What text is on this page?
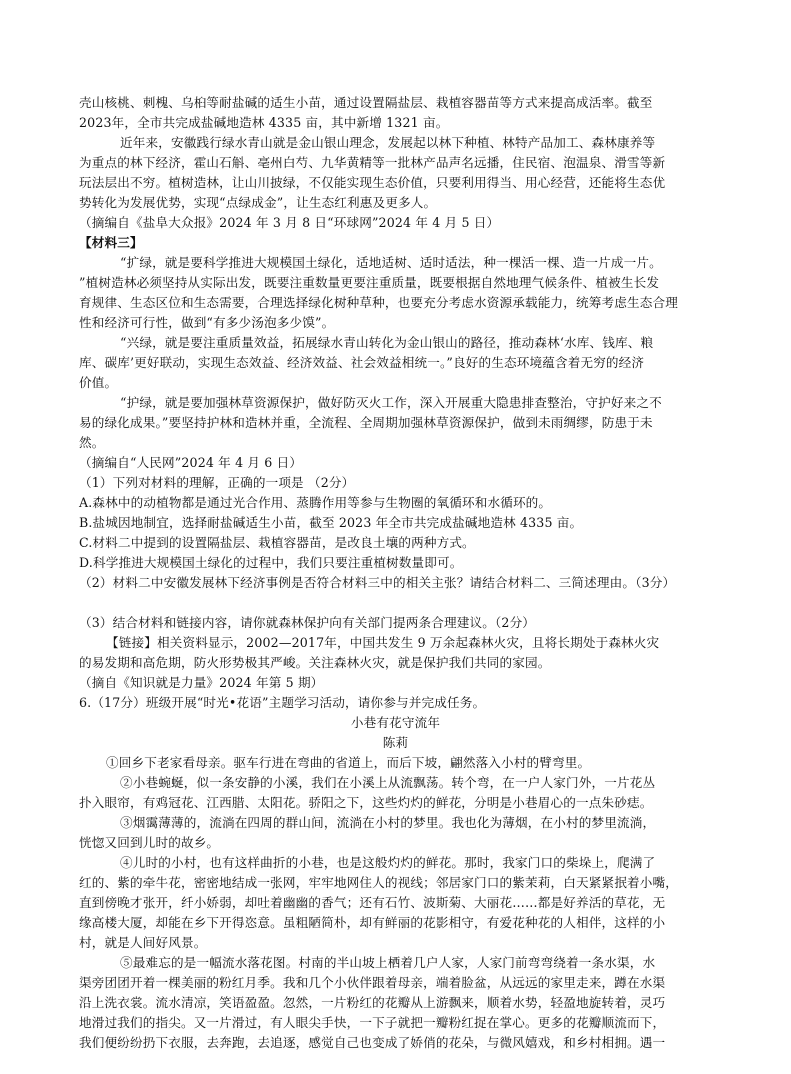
壳山核桃、刺槐、乌桕等耐盐碱的适生小苗，通过设置隔盐层、栽植容器苗等方式来提高成活率。截至
2023年，全市共完成盐碱地造林 4335 亩，其中新增 1321 亩。
近年来，安徽践行绿水青山就是金山银山理念，发展起以林下种植、林特产品加工、森林康养等
为重点的林下经济，霍山石斛、亳州白芍、九华黄精等一批林产品声名远播，住民宿、泡温泉、滑雪等新
玩法层出不穷。植树造林，让山川披绿，不仅能实现生态价值，只要利用得当、用心经营，还能将生态优
势转化为发展优势，实现“点绿成金”，让生态红利惠及更多人。
（摘编自《盐阜大众报》2024 年 3 月 8 日“环球网”2024 年 4 月 5 日）
【材料三】
“扩绿，就是要科学推进大规模国土绿化，适地适树、适时适法，种一棵活一棵、造一片成一片。
”植树造林必须坚持从实际出发，既要注重数量更要注重质量，既要根据自然地理气候条件、植被生长发
育规律、生态区位和生态需要，合理选择绿化树种草种，也要充分考虑水资源承载能力，统筹考虑生态合理
性和经济可行性，做到“有多少汤泡多少馍”。
“兴绿，就是要注重质量效益，拓展绿水青山转化为金山银山的路径，推动森林‘水库、钱库、粮
库、碳库’更好联动，实现生态效益、经济效益、社会效益相统一。”良好的生态环境蕴含着无穷的经济
价值。
“护绿，就是要加强林草资源保护，做好防灭火工作，深入开展重大隐患排查整治，守护好来之不
易的绿化成果。”要坚持护林和造林并重，全流程、全周期加强林草资源保护，做到未雨绸缪，防患于未
然。
（摘编自“人民网”2024 年 4 月 6 日）
（1）下列对材料的理解，正确的一项是 （2分）
A.森林中的动植物都是通过光合作用、蒸腾作用等参与生物圈的氧循环和水循环的。
B.盐城因地制宜，选择耐盐碱适生小苗，截至 2023 年全市共完成盐碱地造林 4335 亩。
C.材料二中提到的设置隔盐层、栽植容器苗，是改良土壤的两种方式。
D.科学推进大规模国土绿化的过程中，我们只要注重植树数量即可。
（2）材料二中安徽发展林下经济事例是否符合材料三中的相关主张？请结合材料二、三简述理由。（3分）
（3）结合材料和链接内容，请你就森林保护向有关部门提两条合理建议。（2分）
【链接】相关资料显示，2002—2017年，中国共发生 9 万余起森林火灾，且将长期处于森林火灾
的易发期和高危期，防火形势极其严峻。关注森林火灾，就是保护我们共同的家园。
（摘自《知识就是力量》2024 年第 5 期）
6.（17分）班级开展“时光•花语”主题学习活动，请你参与并完成任务。
小巷有花守流年
陈莉
①回乡下老家看母亲。驱车行进在弯曲的省道上，而后下坡，翩然落入小村的臂弯里。
②小巷蜿蜒，似一条安静的小溪，我们在小溪上从流飘荡。转个弯，在一户人家门外，一片花丛
扑入眼帘，有鸡冠花、江西腊、太阳花。骄阳之下，这些灼灼的鲜花，分明是小巷眉心的一点朱砂痣。
③烟霭薄薄的，流淌在四周的群山间，流淌在小村的梦里。我也化为薄烟，在小村的梦里流淌，
恍惚又回到儿时的故乡。
④儿时的小村，也有这样曲折的小巷，也是这般灼灼的鲜花。那时，我家门口的柴垛上，爬满了
红的、紫的牵牛花，密密地结成一张网，牢牢地网住人的视线；邻居家门口的紫茉莉，白天紧紧抿着小嘴，
直到傍晚才张开，纤小娇弱，却吐着幽幽的香气；还有石竹、波斯菊、大丽花……都是好养活的草花，无
缘高楼大厦，却能在乡下开得恣意。虽粗陋简朴，却有鲜丽的花影相守，有爱花种花的人相伴，这样的小
村，就是人间好风景。
⑤最难忘的是一幅流水落花图。村南的半山坡上栖着几户人家，人家门前弯弯绕着一条水渠，水
渠旁团团开着一棵美丽的粉红月季。我和几个小伙伴跟着母亲，端着脸盆，从远远的家里走来，蹲在水渠
沿上洗衣裳。流水清凉，笑语盈盈。忽然，一片粉红的花瓣从上游飘来，顺着水势，轻盈地旋转着，灵巧
地滑过我们的指尖。又一片滑过，有人眼尖手快，一下子就把一瓣粉红捉在掌心。更多的花瓣顺流而下，
我们便纷纷扔下衣服，去奔跑，去追逐，感觉自己也变成了娇俏的花朵，与微风嬉戏，和乡村相拥。遇一
